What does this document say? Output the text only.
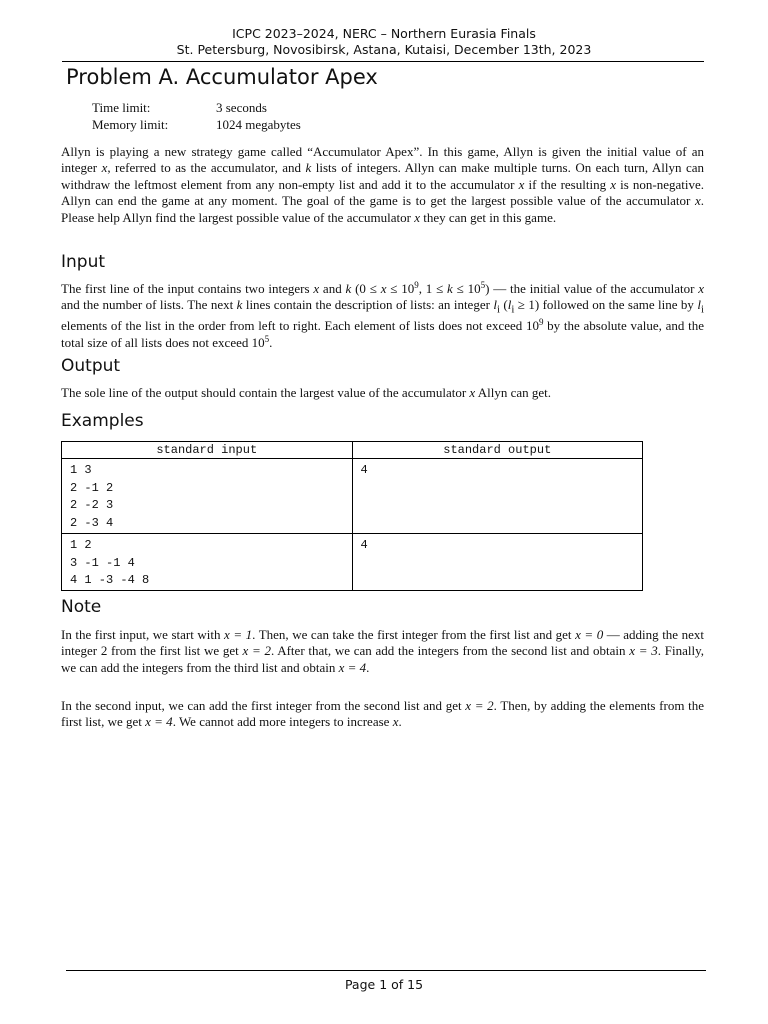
ICPC 2023–2024, NERC – Northern Eurasia Finals
St. Petersburg, Novosibirsk, Astana, Kutaisi, December 13th, 2023
Problem A. Accumulator Apex
Time limit:	3 seconds
Memory limit:	1024 megabytes
Allyn is playing a new strategy game called “Accumulator Apex”. In this game, Allyn is given the initial value of an integer x, referred to as the accumulator, and k lists of integers. Allyn can make multiple turns. On each turn, Allyn can withdraw the leftmost element from any non-empty list and add it to the accumulator x if the resulting x is non-negative. Allyn can end the game at any moment. The goal of the game is to get the largest possible value of the accumulator x. Please help Allyn find the largest possible value of the accumulator x they can get in this game.
Input
The first line of the input contains two integers x and k ($0 \le x \le 10^9$, $1 \le k \le 10^5$) — the initial value of the accumulator x and the number of lists. The next k lines contain the description of lists: an integer $l_i$ $(l_i \ge 1)$ followed on the same line by $l_i$ elements of the list in the order from left to right. Each element of lists does not exceed $10^9$ by the absolute value, and the total size of all lists does not exceed $10^5$.
Output
The sole line of the output should contain the largest value of the accumulator x Allyn can get.
Examples
standard input	standard output

1 3
2 -1 2
2 -2 3
2 -3 4	4

1 2
3 -1 -1 4
4 1 -3 -4 8	4
Note
In the first input, we start with x = 1. Then, we can take the first integer from the first list and get x = 0 — adding the next integer 2 from the first list we get x = 2. After that, we can add the integers from the second list and obtain x = 3. Finally, we can add the integers from the third list and obtain x = 4.
In the second input, we can add the first integer from the second list and get x = 2. Then, by adding the elements from the first list, we get x = 4. We cannot add more integers to increase x.
Page 1 of 15
